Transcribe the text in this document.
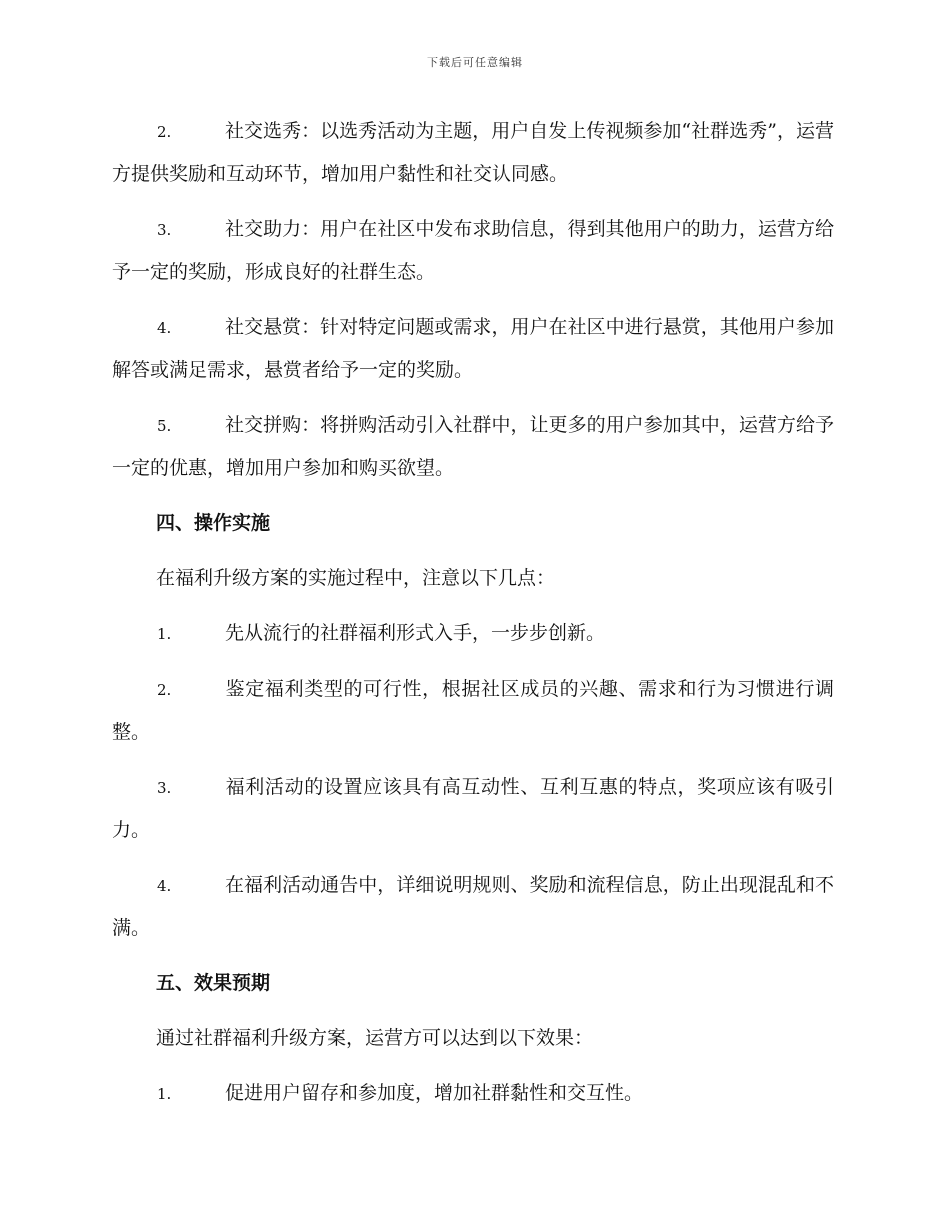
下载后可任意编辑

2.	社交选秀：以选秀活动为主题，用户自发上传视频参加“社群选秀”，运营方提供奖励和互动环节，增加用户黏性和社交认同感。

3.	社交助力：用户在社区中发布求助信息，得到其他用户的助力，运营方给予一定的奖励，形成良好的社群生态。

4.	社交悬赏：针对特定问题或需求，用户在社区中进行悬赏，其他用户参加解答或满足需求，悬赏者给予一定的奖励。

5.	社交拼购：将拼购活动引入社群中，让更多的用户参加其中，运营方给予一定的优惠，增加用户参加和购买欲望。

四、操作实施

在福利升级方案的实施过程中，注意以下几点：

1.	先从流行的社群福利形式入手，一步步创新。

2.	鉴定福利类型的可行性，根据社区成员的兴趣、需求和行为习惯进行调整。

3.	福利活动的设置应该具有高互动性、互利互惠的特点，奖项应该有吸引力。

4.	在福利活动通告中，详细说明规则、奖励和流程信息，防止出现混乱和不满。

五、效果预期

通过社群福利升级方案，运营方可以达到以下效果：

1.	促进用户留存和参加度，增加社群黏性和交互性。
